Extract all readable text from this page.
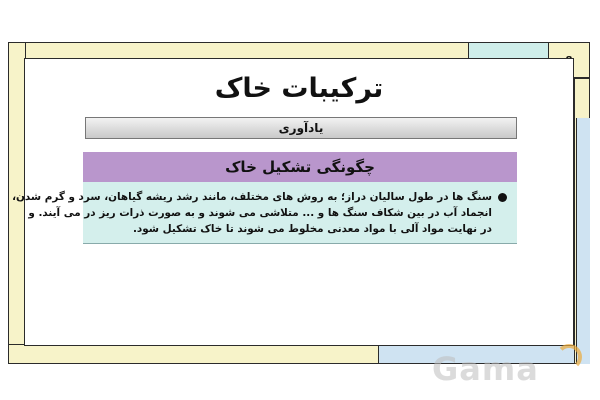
ترکیبات خاک
یادآوری
چگونگی تشکیل خاک
سنگ ها در طول سالیان دراز؛ به روش های مختلف، مانند رشد ریشه گیاهان، سرد و گرم شدن،
انجماد آب در بین شکاف سنگ ها و ... متلاشی می شوند و به صورت ذرات ریز در می آیند. و
در نهایت مواد آلی با مواد معدنی مخلوط می شوند تا خاک تشکیل شود.
Gama
